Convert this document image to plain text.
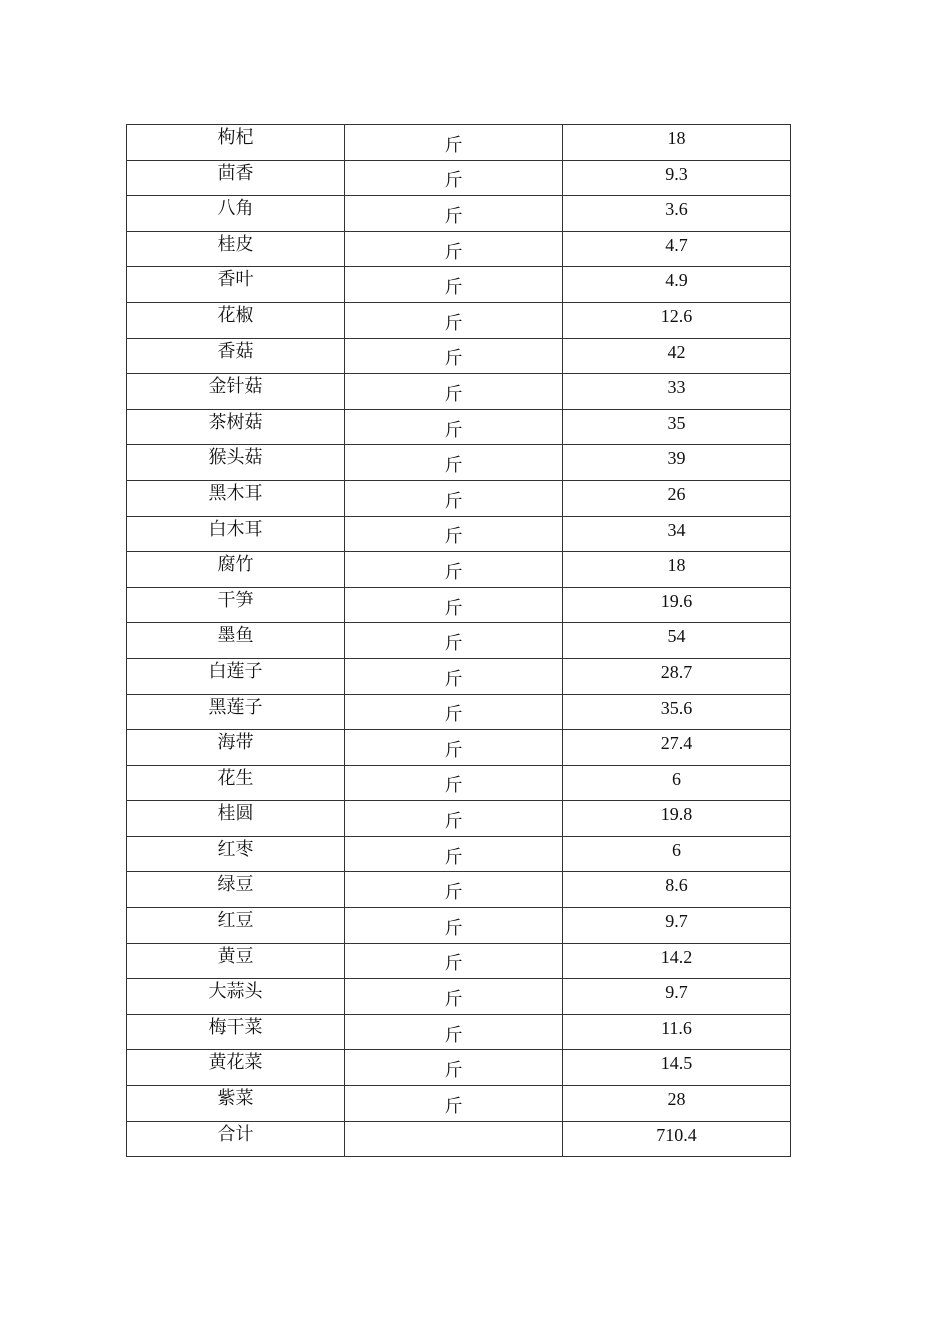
枸杞	斤	18
茴香	斤	9.3
八角	斤	3.6
桂皮	斤	4.7
香叶	斤	4.9
花椒	斤	12.6
香菇	斤	42
金针菇	斤	33
茶树菇	斤	35
猴头菇	斤	39
黑木耳	斤	26
白木耳	斤	34
腐竹	斤	18
干笋	斤	19.6
墨鱼	斤	54
白莲子	斤	28.7
黑莲子	斤	35.6
海带	斤	27.4
花生	斤	6
桂圆	斤	19.8
红枣	斤	6
绿豆	斤	8.6
红豆	斤	9.7
黄豆	斤	14.2
大蒜头	斤	9.7
梅干菜	斤	11.6
黄花菜	斤	14.5
紫菜	斤	28
合计		710.4
